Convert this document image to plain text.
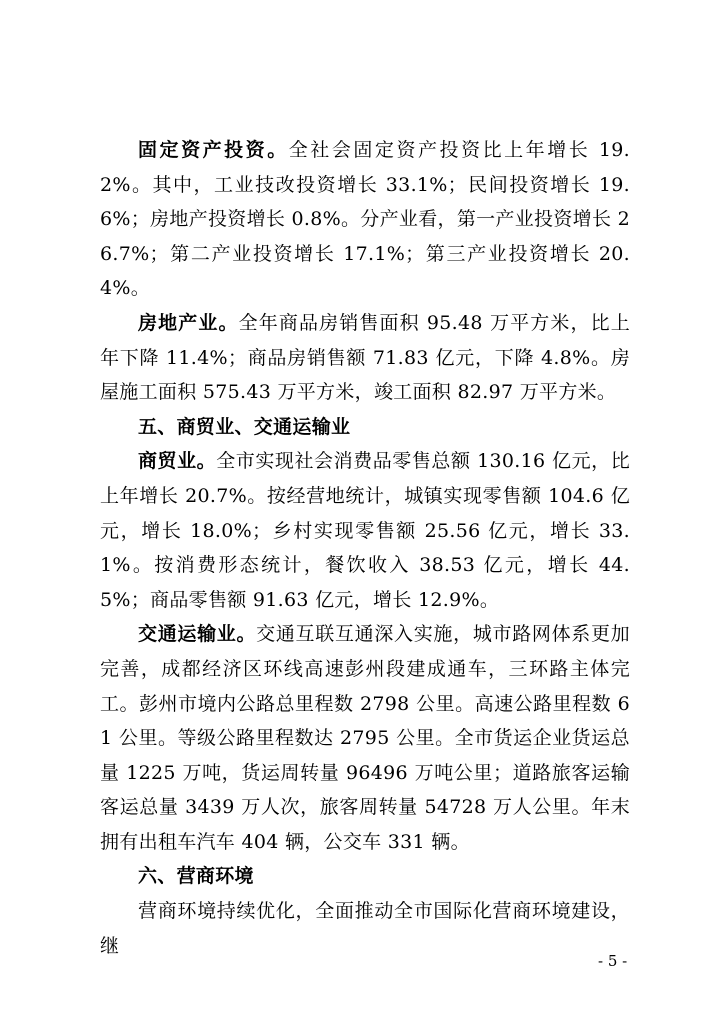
固定资产投资。全社会固定资产投资比上年增长 19.2%。其中，工业技改投资增长 33.1%；民间投资增长 19.6%；房地产投资增长 0.8%。分产业看，第一产业投资增长 26.7%；第二产业投资增长 17.1%；第三产业投资增长 20.4%。

房地产业。全年商品房销售面积 95.48 万平方米，比上年下降 11.4%；商品房销售额 71.83 亿元，下降 4.8%。房屋施工面积 575.43 万平方米，竣工面积 82.97 万平方米。

五、商贸业、交通运输业

商贸业。全市实现社会消费品零售总额 130.16 亿元，比上年增长 20.7%。按经营地统计，城镇实现零售额 104.6 亿元，增长 18.0%；乡村实现零售额 25.56 亿元，增长 33.1%。按消费形态统计，餐饮收入 38.53 亿元，增长 44.5%；商品零售额 91.63 亿元，增长 12.9%。

交通运输业。交通互联互通深入实施，城市路网体系更加完善，成都经济区环线高速彭州段建成通车，三环路主体完工。彭州市境内公路总里程数 2798 公里。高速公路里程数 61 公里。等级公路里程数达 2795 公里。全市货运企业货运总量 1225 万吨，货运周转量 96496 万吨公里；道路旅客运输客运总量 3439 万人次，旅客周转量 54728 万人公里。年末拥有出租车汽车 404 辆，公交车 331 辆。

六、营商环境

营商环境持续优化，全面推动全市国际化营商环境建设，继

- 5 -
